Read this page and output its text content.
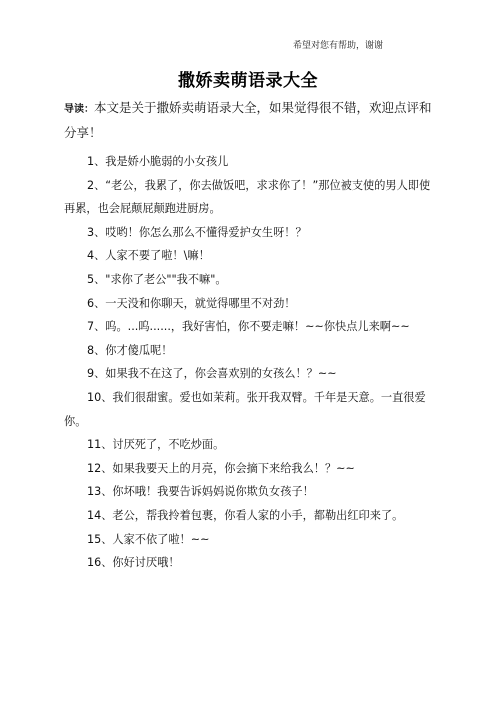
希望对您有帮助，谢谢
撒娇卖萌语录大全
导读：本文是关于撒娇卖萌语录大全，如果觉得很不错，欢迎点评和分享！

1、我是娇小脆弱的小女孩儿

2、“老公，我累了，你去做饭吧，求求你了！”那位被支使的男人即使再累，也会屁颠屁颠跑进厨房。

3、哎哟！你怎么那么不懂得爱护女生呀！？

4、人家不要了啦！\嘛！

5、"求你了老公""我不嘛"。

6、一天没和你聊天，就觉得哪里不对劲！

7、呜。...呜......，我好害怕，你不要走嘛！~~你快点儿来啊~~

8、你才傻瓜呢！

9、如果我不在这了，你会喜欢别的女孩么！？~~

10、我们很甜蜜。爱也如茉莉。张开我双臂。千年是天意。一直很爱你。

11、讨厌死了，不吃炒面。

12、如果我要天上的月亮，你会摘下来给我么！？~~

13、你坏哦！我要告诉妈妈说你欺负女孩子！

14、老公，帮我拎着包裹，你看人家的小手，都勒出红印来了。

15、人家不依了啦！~~

16、你好讨厌哦！
